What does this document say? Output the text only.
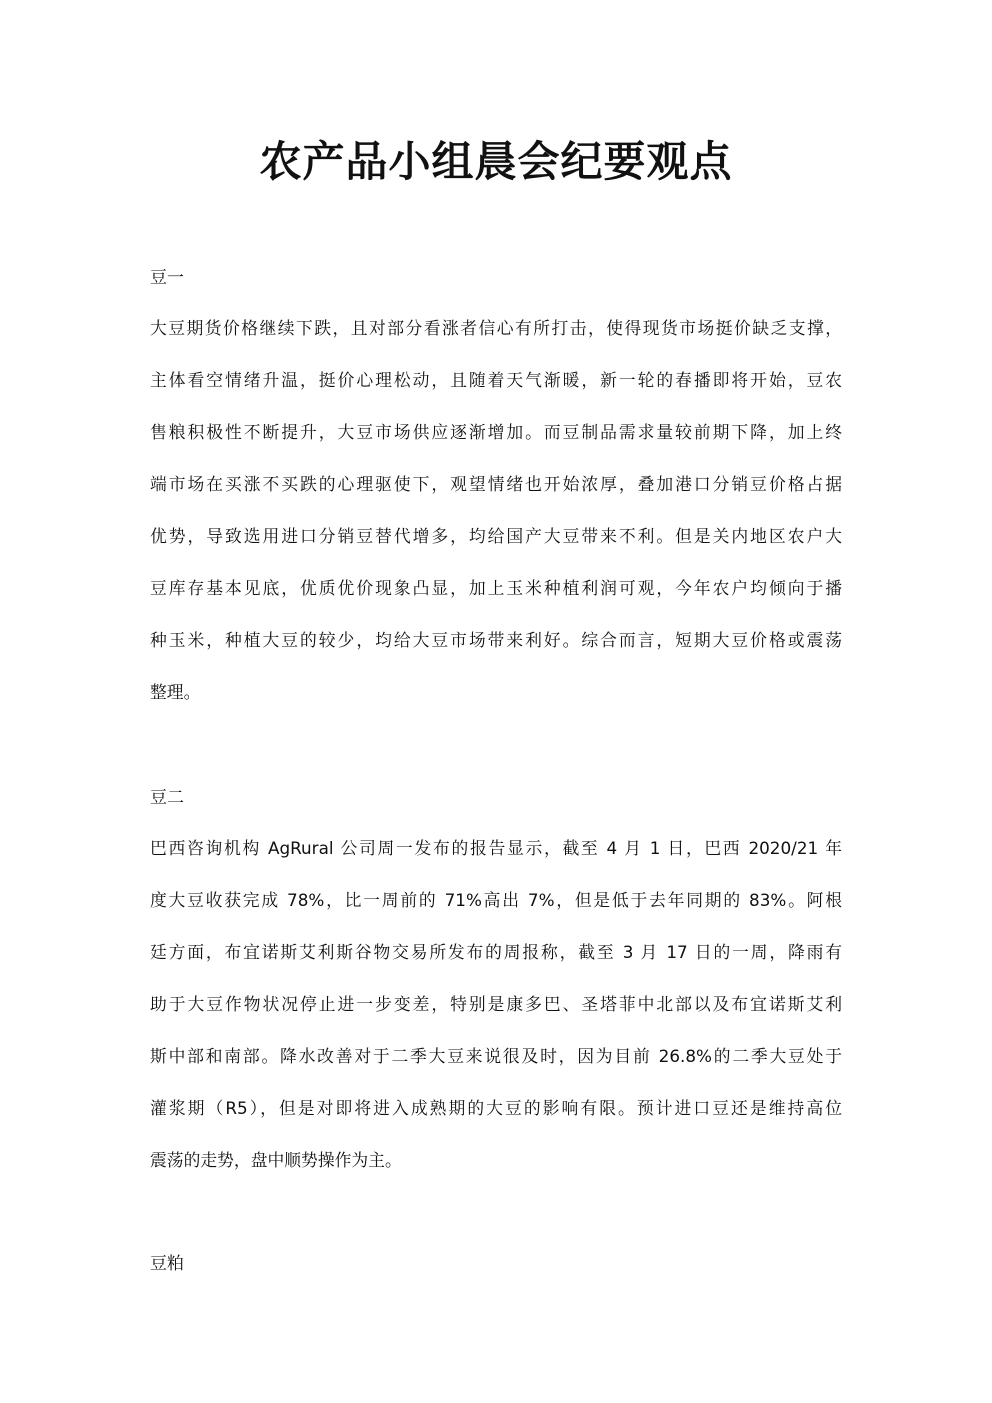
农产品小组晨会纪要观点
豆一
大豆期货价格继续下跌，且对部分看涨者信心有所打击，使得现货市场挺价缺乏支撑，
主体看空情绪升温，挺价心理松动，且随着天气渐暖，新一轮的春播即将开始，豆农
售粮积极性不断提升，大豆市场供应逐渐增加。而豆制品需求量较前期下降，加上终
端市场在买涨不买跌的心理驱使下，观望情绪也开始浓厚，叠加港口分销豆价格占据
优势，导致选用进口分销豆替代增多，均给国产大豆带来不利。但是关内地区农户大
豆库存基本见底，优质优价现象凸显，加上玉米种植利润可观，今年农户均倾向于播
种玉米，种植大豆的较少，均给大豆市场带来利好。综合而言，短期大豆价格或震荡
整理。
豆二
巴西咨询机构 AgRural 公司周一发布的报告显示，截至 4 月 1 日，巴西 2020/21 年
度大豆收获完成 78%，比一周前的 71%高出 7%，但是低于去年同期的 83%。阿根
廷方面，布宜诺斯艾利斯谷物交易所发布的周报称，截至 3 月 17 日的一周，降雨有
助于大豆作物状况停止进一步变差，特别是康多巴、圣塔菲中北部以及布宜诺斯艾利
斯中部和南部。降水改善对于二季大豆来说很及时，因为目前 26.8%的二季大豆处于
灌浆期（R5），但是对即将进入成熟期的大豆的影响有限。预计进口豆还是维持高位
震荡的走势，盘中顺势操作为主。
豆粕
